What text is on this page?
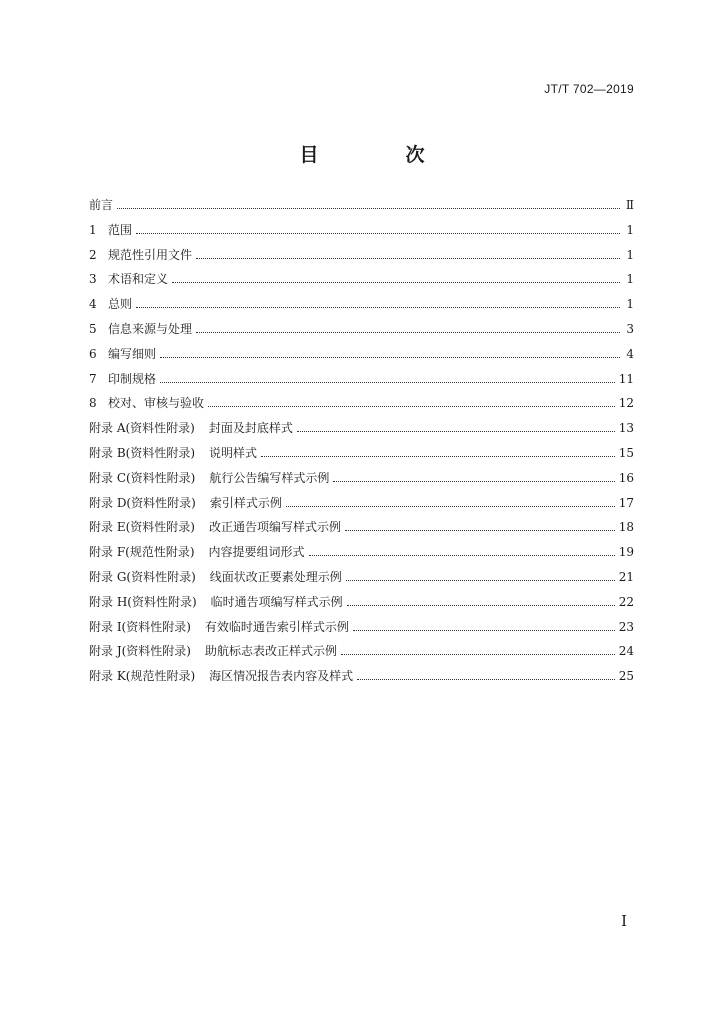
JT/T 702—2019
目　次
前言	Ⅱ
1 范围	1
2 规范性引用文件	1
3 术语和定义	1
4 总则	1
5 信息来源与处理	3
6 编写细则	4
7 印制规格	11
8 校对、审核与验收	12
附录 A(资料性附录) 封面及封底样式	13
附录 B(资料性附录) 说明样式	15
附录 C(资料性附录) 航行公告编写样式示例	16
附录 D(资料性附录) 索引样式示例	17
附录 E(资料性附录) 改正通告项编写样式示例	18
附录 F(规范性附录) 内容提要组词形式	19
附录 G(资料性附录) 线面状改正要素处理示例	21
附录 H(资料性附录) 临时通告项编写样式示例	22
附录 I(资料性附录) 有效临时通告索引样式示例	23
附录 J(资料性附录) 助航标志表改正样式示例	24
附录 K(规范性附录) 海区情况报告表内容及样式	25
I
